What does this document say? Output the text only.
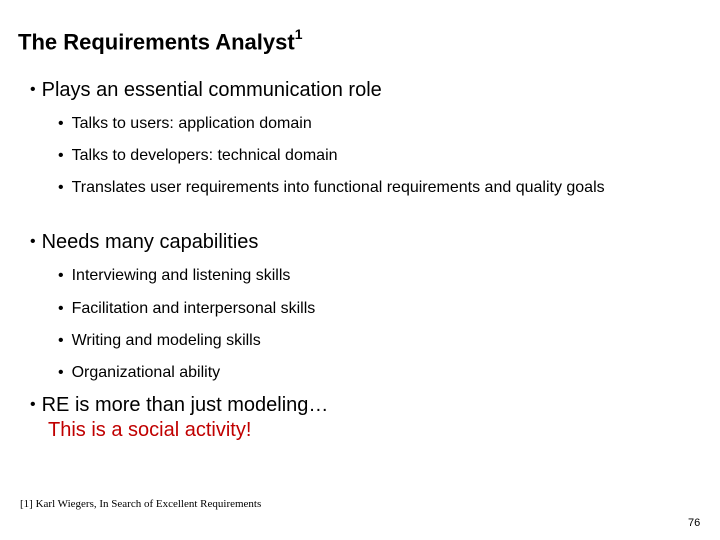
The Requirements Analyst$^1$
• Plays an essential communication role
• Talks to users: application domain
• Talks to developers: technical domain
• Translates user requirements into functional requirements and quality goals
• Needs many capabilities
• Interviewing and listening skills
• Facilitation and interpersonal skills
• Writing and modeling skills
• Organizational ability
• RE is more than just modeling…
This is a social activity!
[1] Karl Wiegers, In Search of Excellent Requirements
76
